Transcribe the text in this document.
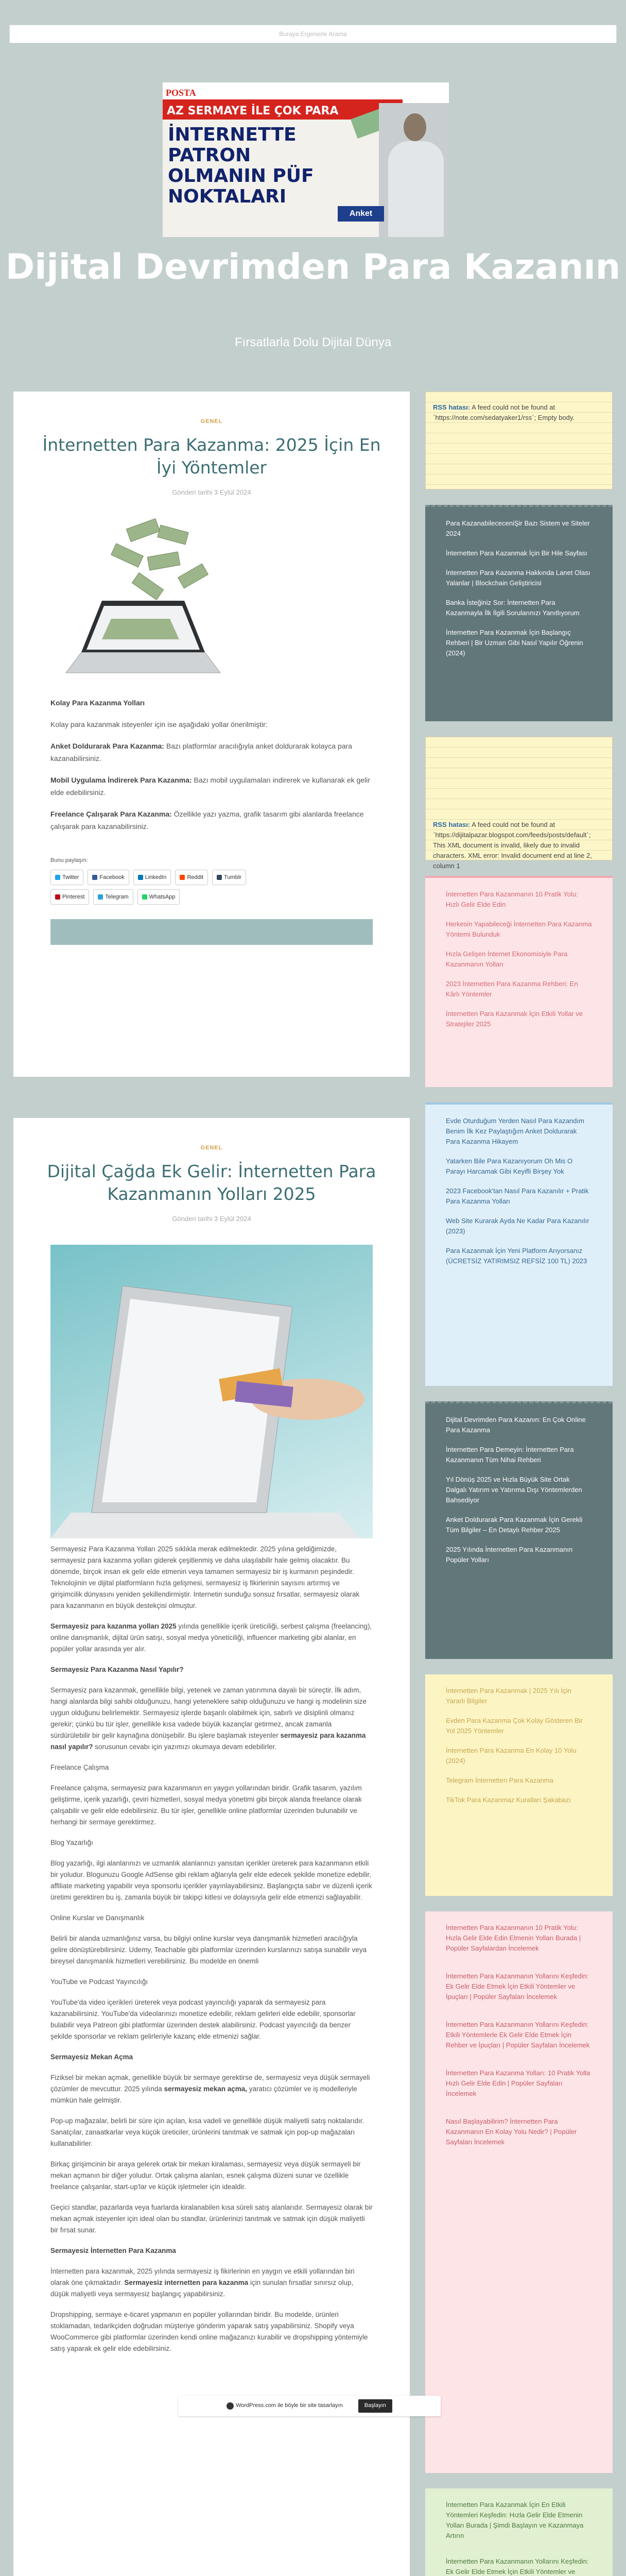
Buraya Ergenerle Arama
POSTA
AZ SERMAYE İLE ÇOK PARA
İNTERNETTE PATRON OLMANIN PÜF NOKTALARI
Anket
Dijital Devrimden Para Kazanın
Fırsatlarla Dolu Dijital Dünya
GENEL
İnternetten Para Kazanma: 2025 İçin En İyi Yöntemler
Gönderi tarihi 3 Eylül 2024

Kolay Para Kazanma Yolları

Kolay para kazanmak isteyenler için ise aşağıdaki yollar önerilmiştir:

Anket Doldurarak Para Kazanma: Bazı platformlar aracılığıyla anket doldurarak kolayca para kazanabilirsiniz.

Mobil Uygulama İndirerek Para Kazanma: Bazı mobil uygulamaları indirerek ve kullanarak ek gelir elde edebilirsiniz.

Freelance Çalışarak Para Kazanma: Özellikle yazı yazma, grafik tasarım gibi alanlarda freelance çalışarak para kazanabilirsiniz.

Bunu paylaşın:
Twitter	Facebook	LinkedIn	Reddit	Tumblr
Pinterest	Telegram	WhatsApp
GENEL
Dijital Çağda Ek Gelir: İnternetten Para Kazanmanın Yolları 2025
Gönderi tarihi 3 Eylül 2024

Sermayesiz Para Kazanma Yolları 2025 sıklıkla merak edilmektedir. 2025 yılına geldiğimizde, sermayesiz para kazanma yolları giderek çeşitlenmiş ve daha ulaşılabilir hale gelmiş olacaktır. Bu dönemde, birçok insan ek gelir elde etmenin veya tamamen sermayesiz bir iş kurmanın peşindedir. Teknolojinin ve dijital platformların hızla gelişmesi, sermayesiz iş fikirlerinin sayısını artırmış ve girişimcilik dünyasını yeniden şekillendirmiştir. İnternetin sunduğu sonsuz fırsatlar, sermayesiz olarak para kazanmanın en büyük destekçisi olmuştur.

Sermayesiz para kazanma yolları 2025 yılında genellikle içerik üreticiliği, serbest çalışma (freelancing), online danışmanlık, dijital ürün satışı, sosyal medya yöneticiliği, influencer marketing gibi alanlar, en popüler yollar arasında yer alır.

Sermayesiz Para Kazanma Nasıl Yapılır?

Sermayesiz para kazanmak, genellikle bilgi, yetenek ve zaman yatırımına dayalı bir süreçtir. İlk adım, hangi alanlarda bilgi sahibi olduğunuzu, hangi yeteneklere sahip olduğunuzu ve hangi iş modelinin size uygun olduğunu belirlemektir. Sermayesiz işlerde başarılı olabilmek için, sabırlı ve disiplinli olmanız gerekir; çünkü bu tür işler, genellikle kısa vadede büyük kazançlar getirmez, ancak zamanla sürdürülebilir bir gelir kaynağına dönüşebilir. Bu işlere başlamak isteyenler sermayesiz para kazanma nasıl yapılır? sorusunun cevabı için yazımızı okumaya devam edebilirler.

Freelance Çalışma

Freelance çalışma, sermayesiz para kazanmanın en yaygın yollarından biridir. Grafik tasarım, yazılım geliştirme, içerik yazarlığı, çeviri hizmetleri, sosyal medya yönetimi gibi birçok alanda freelance olarak çalışabilir ve gelir elde edebilirsiniz. Bu tür işler, genellikle online platformlar üzerinden bulunabilir ve herhangi bir sermaye gerektirmez.

Blog Yazarlığı

Blog yazarlığı, ilgi alanlarınızı ve uzmanlık alanlarınızı yansıtan içerikler üreterek para kazanmanın etkili bir yoludur. Blogunuzu Google AdSense gibi reklam ağlarıyla gelir elde edecek şekilde monetize edebilir, affiliate marketing yapabilir veya sponsorlu içerikler yayınlayabilirsiniz. Başlangıçta sabır ve düzenli içerik üretimi gerektiren bu iş, zamanla büyük bir takipçi kitlesi ve dolayısıyla gelir elde etmenizi sağlayabilir.

Online Kurslar ve Danışmanlık

Belirli bir alanda uzmanlığınız varsa, bu bilgiyi online kurslar veya danışmanlık hizmetleri aracılığıyla gelire dönüştürebilirsiniz. Udemy, Teachable gibi platformlar üzerinden kurslarınızı satışa sunabilir veya bireysel danışmanlık hizmetleri verebilirsiniz. Bu modelde en önemli

YouTube ve Podcast Yayıncılığı

YouTube'da video içerikleri üreterek veya podcast yayıncılığı yaparak da sermayesiz para kazanabilirsiniz. YouTube'da videolarınızı monetize edebilir, reklam gelirleri elde edebilir, sponsorlar bulabilir veya Patreon gibi platformlar üzerinden destek alabilirsiniz. Podcast yayıncılığı da benzer şekilde sponsorlar ve reklam gelirleriyle kazanç elde etmenizi sağlar.

Sermayesiz Mekan Açma

Fiziksel bir mekan açmak, genellikle büyük bir sermaye gerektirse de, sermayesiz veya düşük sermayeli çözümler de mevcuttur. 2025 yılında sermayesiz mekan açma, yaratıcı çözümler ve iş modelleriyle mümkün hale gelmiştir.

Pop-up mağazalar, belirli bir süre için açılan, kısa vadeli ve genellikle düşük maliyetli satış noktalarıdır. Sanatçılar, zanaatkarlar veya küçük üreticiler, ürünlerini tanıtmak ve satmak için pop-up mağazaları kullanabilirler.

Birkaç girişimcinin bir araya gelerek ortak bir mekan kiralaması, sermayesiz veya düşük sermayeli bir mekan açmanın bir diğer yoludur. Ortak çalışma alanları, esnek çalışma düzeni sunar ve özellikle freelance çalışanlar, start-up'lar ve küçük işletmeler için idealdir.

Geçici standlar, pazarlarda veya fuarlarda kiralanabilen kısa süreli satış alanlarıdır. Sermayesiz olarak bir mekan açmak isteyenler için ideal olan bu standlar, ürünlerinizi tanıtmak ve satmak için düşük maliyetli bir fırsat sunar.

Sermayesiz İnternetten Para Kazanma

İnternetten para kazanmak, 2025 yılında sermayesiz iş fikirlerinin en yaygın ve etkili yollarından biri olarak öne çıkmaktadır. Sermayesiz internetten para kazanma için sunulan fırsatlar sınırsız olup, düşük maliyetli veya sermayesiz başlangıç yapabilirsiniz.

Dropshipping, sermaye e-ticaret yapmanın en popüler yollarından biridir. Bu modelde, ürünleri stoklamadan, tedarikçiden doğrudan müşteriye gönderim yaparak satış yapabilirsiniz. Shopify veya WooCommerce gibi platformlar üzerinden kendi online mağazanızı kurabilir ve dropshipping yöntemiyle satış yaparak ek gelir elde edebilirsiniz.

RSS hatası: A feed could not be found at `https://note.com/sedatyaker1/rss`; Empty body.
Para KazanabilececeniŞir Bazı Sistem ve Siteler 2024
İnternetten Para Kazanmak İçin Bir Hile Sayfası
İnternetten Para Kazanma Hakkında Lanet Olası Yalanlar | Blockchain Geliştiricisi
Banka İsteğiniz Sor: İnternetten Para Kazanmayla İlk İlgili Sorularınızı Yanıtlıyorum
İnternetten Para Kazanmak İçin Başlangıç Rehberi | Bir Uzman Gibi Nasıl Yapılır Öğrenin (2024)
RSS hatası: A feed could not be found at `https://dijitalpazar.blogspot.com/feeds/posts/default`; This XML document is invalid, likely due to invalid characters. XML error: Invalid document end at line 2, column 1
İnternetten Para Kazanmanın 10 Pratik Yolu: Hızlı Gelir Elde Edin
Herkesin Yapabileceği İnternetten Para Kazanma Yöntemi Bulunduk
Hızla Gelişen İnternet Ekonomisiyle Para Kazanmanın Yolları
2023 İnternetten Para Kazanma Rehberi: En Kârlı Yöntemler
İnternetten Para Kazanmak İçin Etkili Yollar ve Stratejiler 2025
Evde Oturduğum Yerden Nasıl Para Kazandım Benim İlk Kez Paylaştığım Anket Doldurarak Para Kazanma Hikayem
Yatarken Bile Para Kazanıyorum Oh Mis O Parayı Harcamak Gibi Keyifli Birşey Yok
2023 Facebook'tan Nasıl Para Kazanılır + Pratik Para Kazanma Yolları
Web Site Kurarak Ayda Ne Kadar Para Kazanılır (2023)
Para Kazanmak İçin Yeni Platform Arıyorsanız (ÜCRETSİZ YATIRIMSIZ REFSİZ 100 TL) 2023
Dijital Devrimden Para Kazanın: En Çok Online Para Kazanma
İnternetten Para Demeyin: İnternetten Para Kazanmanın Tüm Nihai Rehberi
Yıl Dönüş 2025 ve Hızla Büyük Site Ortak Dalgalı Yatırım ve Yatırıma Dışı Yöntemlerden Bahsediyor
Anket Doldurarak Para Kazanmak İçin Gerekli Tüm Bilgiler – En Detaylı Rehber 2025
2025 Yılında İnternetten Para Kazanmanın Popüler Yolları
İnternetten Para Kazanmak | 2025 Yılı İçin Yararlı Bilgiler
Evden Para Kazanma Çok Kolay Gösteren Bir Yol 2025 Yöntemler
İnternetten Para Kazanma En Kolay 10 Yolu (2024)
Telegram İnternetten Para Kazanma
TikTok Para Kazanmaz Kuralları Şakabazı
İnternetten Para Kazanmanın 10 Pratik Yolu: Hızla Gelir Elde Edin Elmenin Yolları Burada | Popüler Sayfalardan İncelemek
İnternetten Para Kazanmanın Yollarını Keşfedin: Ek Gelir Elde Etmek İçin Etkili Yöntemler ve İpuçları | Popüler Sayfaları İncelemek
İnternetten Para Kazanmanın Yollarını Keşfedin: Etkili Yöntemlerle Ek Gelir Elde Etmek İçin Rehber ve İpuçları | Popüler Sayfaları İncelemek
İnternetten Para Kazanma Yolları: 10 Pratik Yolla Hızlı Gelir Elde Edin | Popüler Sayfaları İncelemek
Nasıl Başlayabilirim? İnternetten Para Kazanmanın En Kolay Yolu Nedir? | Popüler Sayfaları İncelemek
İnternetten Para Kazanmak İçin En Etkili Yöntemleri Keşfedin: Hızla Gelir Elde Etmenin Yolları Burada | Şimdi Başlayın ve Kazanmaya Artırın
İnternetten Para Kazanmanın Yollarını Keşfedin: Ek Gelir Elde Etmek İçin Etkili Yöntemler ve
WordPress.com ile böyle bir site tasarlayın	Başlayın
